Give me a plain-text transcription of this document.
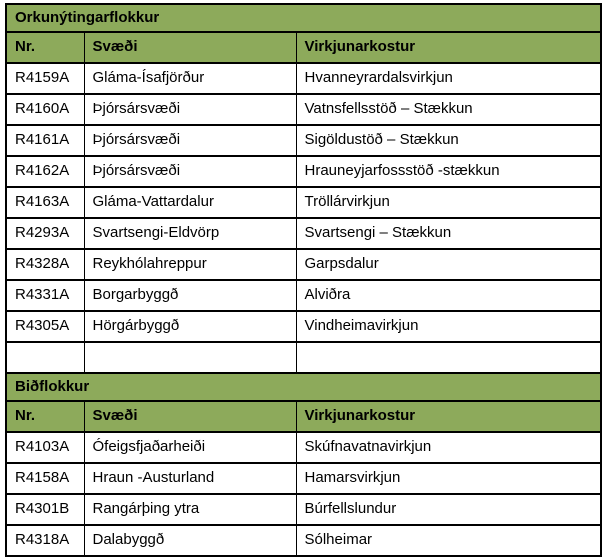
Orkunýtingarflokkur		
Nr.	Svæði	Virkjunarkostur
R4159A	Gláma-Ísafjörður	Hvanneyrardalsvirkjun
R4160A	Þjórsársvæði	Vatnsfellsstöð – Stækkun
R4161A	Þjórsársvæði	Sigöldustöð – Stækkun
R4162A	Þjórsársvæði	Hrauneyjarfossstöð -stækkun
R4163A	Gláma-Vattardalur	Tröllárvirkjun
R4293A	Svartsengi-Eldvörp	Svartsengi – Stækkun
R4328A	Reykhólahreppur	Garpsdalur
R4331A	Borgarbyggð	Alviðra
R4305A	Hörgárbyggð	Vindheimavirkjun

Biðflokkur		
Nr.	Svæði	Virkjunarkostur
R4103A	Ófeigsfjaðarheiði	Skúfnavatnavirkjun
R4158A	Hraun -Austurland	Hamarsvirkjun
R4301B	Rangárþing ytra	Búrfellslundur
R4318A	Dalabyggð	Sólheimar
